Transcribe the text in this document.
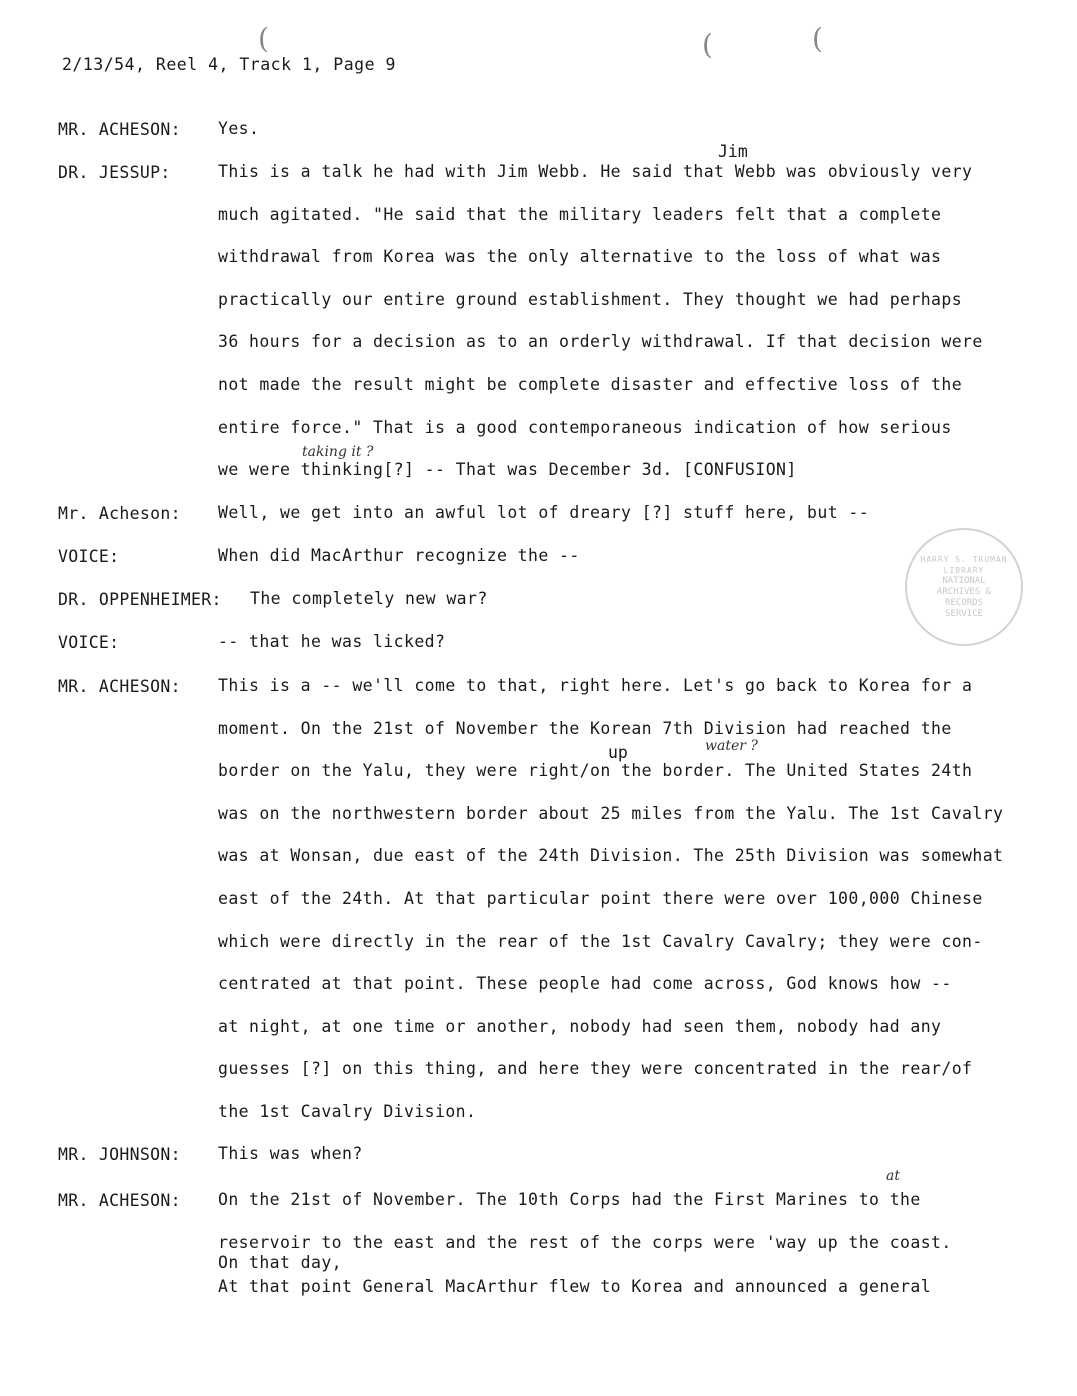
2/13/54, Reel 4, Track 1, Page 9
(	(	(
MR. ACHESON:	Yes.
DR. JESSUP:	This is a talk he had with Jim Webb. He said that Webb was obviously very
much agitated. "He said that the military leaders felt that a complete
withdrawal from Korea was the only alternative to the loss of what was
practically our entire ground establishment. They thought we had perhaps
36 hours for a decision as to an orderly withdrawal. If that decision were
not made the result might be complete disaster and effective loss of the
entire force." That is a good contemporaneous indication of how serious
we were thinking[?] -- That was December 3d. [CONFUSION]
Mr. Acheson:	Well, we get into an awful lot of dreary [?] stuff here, but --
VOICE:	When did MacArthur recognize the --
DR. OPPENHEIMER:	The completely new war?
VOICE:	-- that he was licked?
MR. ACHESON:	This is a -- we'll come to that, right here. Let's go back to Korea for a
moment. On the 21st of November the Korean 7th Division had reached the
border on the Yalu, they were right/on the border. The United States 24th
was on the northwestern border about 25 miles from the Yalu. The 1st Cavalry
was at Wonsan, due east of the 24th Division. The 25th Division was somewhat
east of the 24th. At that particular point there were over 100,000 Chinese
which were directly in the rear of the 1st Cavalry Cavalry; they were con-
centrated at that point. These people had come across, God knows how --
at night, at one time or another, nobody had seen them, nobody had any
guesses [?] on this thing, and here they were concentrated in the rear/of
the 1st Cavalry Division.
MR. JOHNSON:	This was when?
MR. ACHESON:	On the 21st of November. The 10th Corps had the First Marines to the
reservoir to the east and the rest of the corps were 'way up the coast.
On that day,
At that point General MacArthur flew to Korea and announced a general
Jim
up
taking it ?
water ?
at
HARRY S. TRUMAN LIBRARY
NATIONAL
ARCHIVES &
RECORDS
SERVICE
